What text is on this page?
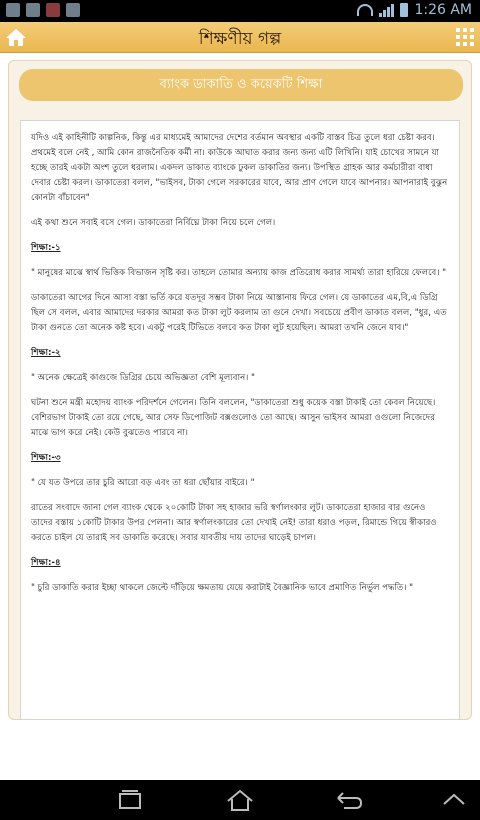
1:26 AM
শিক্ষণীয় গল্প
ব্যাংক ডাকাতি ও কয়েকটি শিক্ষা

যদিও এই কাহিনীটি কাল্পনিক, কিন্তু এর মাধ্যমেই আমাদের দেশের বর্তমান অবস্থার একটি বাস্তব চিত্র তুলে ধরা চেষ্টা করব। প্রথমেই বলে নেই , আমি কোন রাজনৈতিক কর্মী না। কাউকে আঘাত করার জন্য জন্য এটি লিখিনি। যাই চোখের সামনে যা হচ্ছে তারই একটা অংশ তুলে ধরলাম। একদল ডাকাত ব্যাংকে ঢুকল ডাকাতির জন্য। উপস্থিত গ্রাহক আর কর্মচারীরা বাধা দেবার চেষ্টা করল। ডাকাতেরা বলল, "ভাইসব, টাকা গেলে সরকারের যাবে, আর প্রাণ গেলে যাবে আপনার। আপনারাই বুঝুন কোনটা বাঁচাবেন"

এই কথা শুনে সবাই বসে গেল। ডাকাতেরা নির্বিঘ্নে টাকা নিয়ে চলে গেল।

শিক্ষা:-১

" মানুষের মাঝে স্বার্থ ভিত্তিক বিভাজন সৃষ্টি কর। তাহলে তোমার অন্যায় কাজ প্রতিরোধ করার সামর্থ্য তারা হারিয়ে ফেলবে। "

ডাকাতেরা আগের দিনে আসা বস্তা ভর্তি করে যতদূর সম্ভব টাকা নিয়ে আস্তানায় ফিরে গেল। যে ডাকাতের এম,বি,এ ডিগ্রি ছিল সে বলল, এবার আমাদের দরকার আমরা কত টাকা লুট করলাম তা গুনে দেখা। সবচেয়ে প্রবীণ ডাকাত বলল, "ধুর, এত টাকা গুনতে তো অনেক কষ্ট হবে। একটু পরেই টিভিতে বলবে কত টাকা লুট হয়েছিল। আমরা তখনি জেনে যাব।"

শিক্ষা:-২

" অনেক ক্ষেত্রেই কাগুজে ডিগ্রির চেয়ে অভিজ্ঞতা বেশি মূল্যবান। "

ঘটনা শুনে মন্ত্রী মহোদয় ব্যাংক পরিদর্শনে গেলেন। তিনি বললেন, "ডাকাতেরা শুধু কয়েক বস্তা টাকাই তো কেবল নিয়েছে। বেশিরভাগ টাকাই তো রয়ে গেছে, আর সেফ ডিপোজিট বক্সগুলোও তো আছে। আসুন ভাইসব আমরা ওগুলো নিজেদের মাঝে ভাগ করে নেই। কেউ বুঝতেও পারবে না।

শিক্ষা:-৩

" যে যত উপরে তার চুরি আরো বড় এবং তা ধরা ছোঁয়ার বাইরে। "

রাতের সংবাদে জানা গেল ব্যাংক থেকে ২০কোটি টাকা সহ হাজার ভরি স্বর্ণালংকার লুট। ডাকাতেরা হাজার বার গুনেও তাদের বস্তায় ১কোটি টাকার উপর পেলনা। আর স্বর্ণালংকারের তো দেখাই নেই! তারা ধরাও পড়ল, রিমান্ডে গিয়ে স্বীকারও করতে চাইল যে তারাই সব ডাকাতি করেছে। সবার যাবতীয় দায় তাদের ঘাড়েই চাপল।

শিক্ষা:-৪

" চুরি ডাকাতি করার ইচ্ছা থাকলে জেল্টে দাঁড়িয়ে ক্ষমতায় যেয়ে করাটাই বৈজ্ঞানিক ভাবে প্রমাণিত নির্ভুল পদ্ধতি। "
